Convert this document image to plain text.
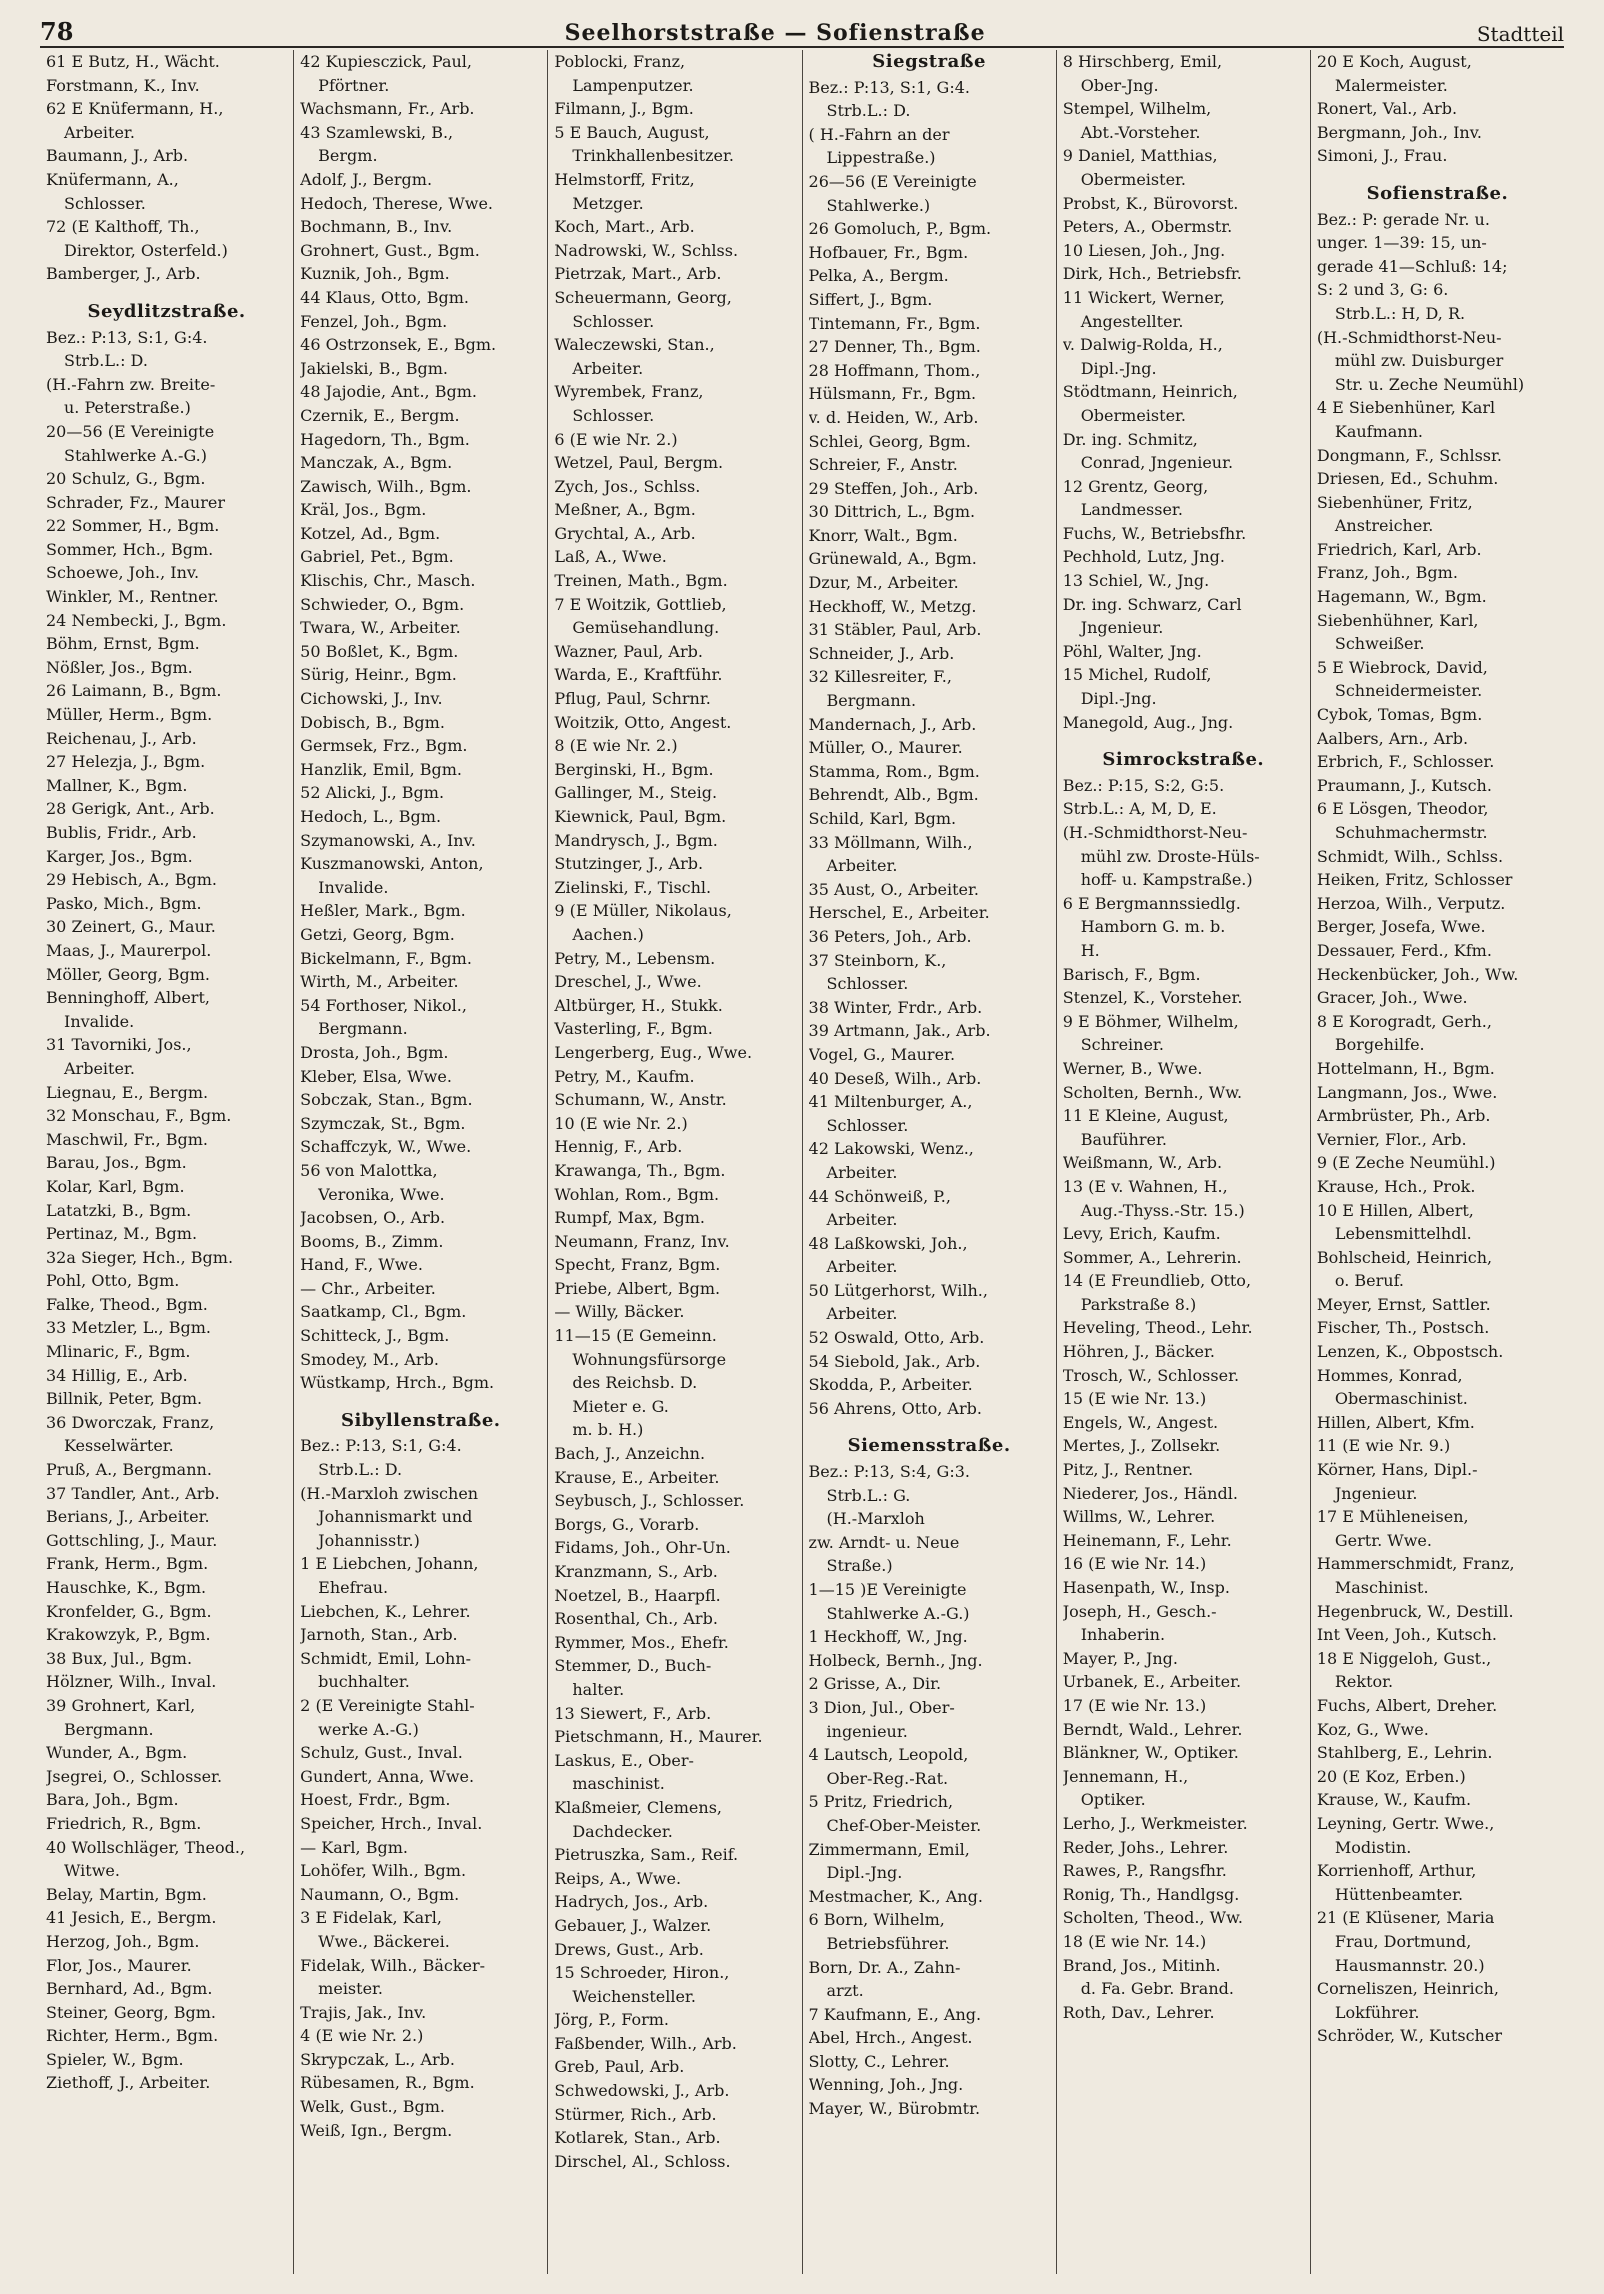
78	Seelhorststraße — Sofienstraße	Stadtteil
61 E Butz, H., Wächt.
Forstmann, K., Inv.
62 E Knüfermann, H.,
Arbeiter.
Baumann, J., Arb.
Knüfermann, A.,
Schlosser.
72 (E Kalthoff, Th.,
Direktor, Osterfeld.)
Bamberger, J., Arb.
Seydlitzstraße.
Bez.: P:13, S:1, G:4.
Strb.L.: D.
(H.-Fahrn zw. Breite-
u. Peterstraße.)
20—56 (E Vereinigte
Stahlwerke A.-G.)
20 Schulz, G., Bgm.
Schrader, Fz., Maurer
22 Sommer, H., Bgm.
Sommer, Hch., Bgm.
Schoewe, Joh., Inv.
Winkler, M., Rentner.
24 Nembecki, J., Bgm.
Böhm, Ernst, Bgm.
Nößler, Jos., Bgm.
26 Laimann, B., Bgm.
Müller, Herm., Bgm.
Reichenau, J., Arb.
27 Helezja, J., Bgm.
Mallner, K., Bgm.
28 Gerigk, Ant., Arb.
Bublis, Fridr., Arb.
Karger, Jos., Bgm.
29 Hebisch, A., Bgm.
Pasko, Mich., Bgm.
30 Zeinert, G., Maur.
Maas, J., Maurerpol.
Möller, Georg, Bgm.
Benninghoff, Albert,
Invalide.
31 Tavorniki, Jos.,
Arbeiter.
Liegnau, E., Bergm.
32 Monschau, F., Bgm.
Maschwil, Fr., Bgm.
Barau, Jos., Bgm.
Kolar, Karl, Bgm.
Latatzki, B., Bgm.
Pertinaz, M., Bgm.
32a Sieger, Hch., Bgm.
Pohl, Otto, Bgm.
Falke, Theod., Bgm.
33 Metzler, L., Bgm.
Mlinaric, F., Bgm.
34 Hillig, E., Arb.
Billnik, Peter, Bgm.
36 Dworczak, Franz,
Kesselwärter.
Pruß, A., Bergmann.
37 Tandler, Ant., Arb.
Berians, J., Arbeiter.
Gottschling, J., Maur.
Frank, Herm., Bgm.
Hauschke, K., Bgm.
Kronfelder, G., Bgm.
Krakowzyk, P., Bgm.
38 Bux, Jul., Bgm.
Hölzner, Wilh., Inval.
39 Grohnert, Karl,
Bergmann.
Wunder, A., Bgm.
Jsegrei, O., Schlosser.
Bara, Joh., Bgm.
Friedrich, R., Bgm.
40 Wollschläger, Theod.,
Witwe.
Belay, Martin, Bgm.
41 Jesich, E., Bergm.
Herzog, Joh., Bgm.
Flor, Jos., Maurer.
Bernhard, Ad., Bgm.
Steiner, Georg, Bgm.
Richter, Herm., Bgm.
Spieler, W., Bgm.
Ziethoff, J., Arbeiter.
42 Kupiesczick, Paul,
Pförtner.
Wachsmann, Fr., Arb.
43 Szamlewski, B.,
Bergm.
Adolf, J., Bergm.
Hedoch, Therese, Wwe.
Bochmann, B., Inv.
Grohnert, Gust., Bgm.
Kuznik, Joh., Bgm.
44 Klaus, Otto, Bgm.
Fenzel, Joh., Bgm.
46 Ostrzonsek, E., Bgm.
Jakielski, B., Bgm.
48 Jajodie, Ant., Bgm.
Czernik, E., Bergm.
Hagedorn, Th., Bgm.
Manczak, A., Bgm.
Zawisch, Wilh., Bgm.
Kräl, Jos., Bgm.
Kotzel, Ad., Bgm.
Gabriel, Pet., Bgm.
Klischis, Chr., Masch.
Schwieder, O., Bgm.
Twara, W., Arbeiter.
50 Boßlet, K., Bgm.
Sürig, Heinr., Bgm.
Cichowski, J., Inv.
Dobisch, B., Bgm.
Germsek, Frz., Bgm.
Hanzlik, Emil, Bgm.
52 Alicki, J., Bgm.
Hedoch, L., Bgm.
Szymanowski, A., Inv.
Kuszmanowski, Anton,
Invalide.
Heßler, Mark., Bgm.
Getzi, Georg, Bgm.
Bickelmann, F., Bgm.
Wirth, M., Arbeiter.
54 Forthoser, Nikol.,
Bergmann.
Drosta, Joh., Bgm.
Kleber, Elsa, Wwe.
Sobczak, Stan., Bgm.
Szymczak, St., Bgm.
Schaffczyk, W., Wwe.
56 von Malottka,
Veronika, Wwe.
Jacobsen, O., Arb.
Booms, B., Zimm.
Hand, F., Wwe.
— Chr., Arbeiter.
Saatkamp, Cl., Bgm.
Schitteck, J., Bgm.
Smodey, M., Arb.
Wüstkamp, Hrch., Bgm.
Sibyllenstraße.
Bez.: P:13, S:1, G:4.
Strb.L.: D.
(H.-Marxloh zwischen
Johannismarkt und
Johannisstr.)
1 E Liebchen, Johann,
Ehefrau.
Liebchen, K., Lehrer.
Jarnoth, Stan., Arb.
Schmidt, Emil, Lohn-
buchhalter.
2 (E Vereinigte Stahl-
werke A.-G.)
Schulz, Gust., Inval.
Gundert, Anna, Wwe.
Hoest, Frdr., Bgm.
Speicher, Hrch., Inval.
— Karl, Bgm.
Lohöfer, Wilh., Bgm.
Naumann, O., Bgm.
3 E Fidelak, Karl,
Wwe., Bäckerei.
Fidelak, Wilh., Bäcker-
meister.
Trajis, Jak., Inv.
4 (E wie Nr. 2.)
Skrypczak, L., Arb.
Rübesamen, R., Bgm.
Welk, Gust., Bgm.
Weiß, Ign., Bergm.
Poblocki, Franz,
Lampenputzer.
Filmann, J., Bgm.
5 E Bauch, August,
Trinkhallenbesitzer.
Helmstorff, Fritz,
Metzger.
Koch, Mart., Arb.
Nadrowski, W., Schlss.
Pietrzak, Mart., Arb.
Scheuermann, Georg,
Schlosser.
Waleczewski, Stan.,
Arbeiter.
Wyrembek, Franz,
Schlosser.
6 (E wie Nr. 2.)
Wetzel, Paul, Bergm.
Zych, Jos., Schlss.
Meßner, A., Bgm.
Grychtal, A., Arb.
Laß, A., Wwe.
Treinen, Math., Bgm.
7 E Woitzik, Gottlieb,
Gemüsehandlung.
Wazner, Paul, Arb.
Warda, E., Kraftführ.
Pflug, Paul, Schrnr.
Woitzik, Otto, Angest.
8 (E wie Nr. 2.)
Berginski, H., Bgm.
Gallinger, M., Steig.
Kiewnick, Paul, Bgm.
Mandrysch, J., Bgm.
Stutzinger, J., Arb.
Zielinski, F., Tischl.
9 (E Müller, Nikolaus,
Aachen.)
Petry, M., Lebensm.
Dreschel, J., Wwe.
Altbürger, H., Stukk.
Vasterling, F., Bgm.
Lengerberg, Eug., Wwe.
Petry, M., Kaufm.
Schumann, W., Anstr.
10 (E wie Nr. 2.)
Hennig, F., Arb.
Krawanga, Th., Bgm.
Wohlan, Rom., Bgm.
Rumpf, Max, Bgm.
Neumann, Franz, Inv.
Specht, Franz, Bgm.
Priebe, Albert, Bgm.
— Willy, Bäcker.
11—15 (E Gemeinn.
Wohnungsfürsorge
des Reichsb. D.
Mieter e. G.
m. b. H.)
Bach, J., Anzeichn.
Krause, E., Arbeiter.
Seybusch, J., Schlosser.
Borgs, G., Vorarb.
Fidams, Joh., Ohr-Un.
Kranzmann, S., Arb.
Noetzel, B., Haarpfl.
Rosenthal, Ch., Arb.
Rymmer, Mos., Ehefr.
Stemmer, D., Buch-
halter.
13 Siewert, F., Arb.
Pietschmann, H., Maurer.
Laskus, E., Ober-
maschinist.
Klaßmeier, Clemens,
Dachdecker.
Pietruszka, Sam., Reif.
Reips, A., Wwe.
Hadrych, Jos., Arb.
Gebauer, J., Walzer.
Drews, Gust., Arb.
15 Schroeder, Hiron.,
Weichensteller.
Jörg, P., Form.
Faßbender, Wilh., Arb.
Greb, Paul, Arb.
Schwedowski, J., Arb.
Stürmer, Rich., Arb.
Kotlarek, Stan., Arb.
Dirschel, Al., Schloss.
Siegstraße
Bez.: P:13, S:1, G:4.
Strb.L.: D.
( H.-Fahrn an der
Lippestraße.)
26—56 (E Vereinigte
Stahlwerke.)
26 Gomoluch, P., Bgm.
Hofbauer, Fr., Bgm.
Pelka, A., Bergm.
Siffert, J., Bgm.
Tintemann, Fr., Bgm.
27 Denner, Th., Bgm.
28 Hoffmann, Thom.,
Hülsmann, Fr., Bgm.
v. d. Heiden, W., Arb.
Schlei, Georg, Bgm.
Schreier, F., Anstr.
29 Steffen, Joh., Arb.
30 Dittrich, L., Bgm.
Knorr, Walt., Bgm.
Grünewald, A., Bgm.
Dzur, M., Arbeiter.
Heckhoff, W., Metzg.
31 Stäbler, Paul, Arb.
Schneider, J., Arb.
32 Killesreiter, F.,
Bergmann.
Mandernach, J., Arb.
Müller, O., Maurer.
Stamma, Rom., Bgm.
Behrendt, Alb., Bgm.
Schild, Karl, Bgm.
33 Möllmann, Wilh.,
Arbeiter.
35 Aust, O., Arbeiter.
Herschel, E., Arbeiter.
36 Peters, Joh., Arb.
37 Steinborn, K.,
Schlosser.
38 Winter, Frdr., Arb.
39 Artmann, Jak., Arb.
Vogel, G., Maurer.
40 Deseß, Wilh., Arb.
41 Miltenburger, A.,
Schlosser.
42 Lakowski, Wenz.,
Arbeiter.
44 Schönweiß, P.,
Arbeiter.
48 Laßkowski, Joh.,
Arbeiter.
50 Lütgerhorst, Wilh.,
Arbeiter.
52 Oswald, Otto, Arb.
54 Siebold, Jak., Arb.
Skodda, P., Arbeiter.
56 Ahrens, Otto, Arb.
Siemensstraße.
Bez.: P:13, S:4, G:3.
Strb.L.: G.
(H.-Marxloh
zw. Arndt- u. Neue
Straße.)
1—15 )E Vereinigte
Stahlwerke A.-G.)
1 Heckhoff, W., Jng.
Holbeck, Bernh., Jng.
2 Grisse, A., Dir.
3 Dion, Jul., Ober-
ingenieur.
4 Lautsch, Leopold,
Ober-Reg.-Rat.
5 Pritz, Friedrich,
Chef-Ober-Meister.
Zimmermann, Emil,
Dipl.-Jng.
Mestmacher, K., Ang.
6 Born, Wilhelm,
Betriebsführer.
Born, Dr. A., Zahn-
arzt.
7 Kaufmann, E., Ang.
Abel, Hrch., Angest.
Slotty, C., Lehrer.
Wenning, Joh., Jng.
Mayer, W., Bürobmtr.
8 Hirschberg, Emil,
Ober-Jng.
Stempel, Wilhelm,
Abt.-Vorsteher.
9 Daniel, Matthias,
Obermeister.
Probst, K., Bürovorst.
Peters, A., Obermstr.
10 Liesen, Joh., Jng.
Dirk, Hch., Betriebsfr.
11 Wickert, Werner,
Angestellter.
v. Dalwig-Rolda, H.,
Dipl.-Jng.
Stödtmann, Heinrich,
Obermeister.
Dr. ing. Schmitz,
Conrad, Jngenieur.
12 Grentz, Georg,
Landmesser.
Fuchs, W., Betriebsfhr.
Pechhold, Lutz, Jng.
13 Schiel, W., Jng.
Dr. ing. Schwarz, Carl
Jngenieur.
Pöhl, Walter, Jng.
15 Michel, Rudolf,
Dipl.-Jng.
Manegold, Aug., Jng.
Simrockstraße.
Bez.: P:15, S:2, G:5.
Strb.L.: A, M, D, E.
(H.-Schmidthorst-Neu-
mühl zw. Droste-Hüls-
hoff- u. Kampstraße.)
6 E Bergmannssiedlg.
Hamborn G. m. b.
H.
Barisch, F., Bgm.
Stenzel, K., Vorsteher.
9 E Böhmer, Wilhelm,
Schreiner.
Werner, B., Wwe.
Scholten, Bernh., Ww.
11 E Kleine, August,
Bauführer.
Weißmann, W., Arb.
13 (E v. Wahnen, H.,
Aug.-Thyss.-Str. 15.)
Levy, Erich, Kaufm.
Sommer, A., Lehrerin.
14 (E Freundlieb, Otto,
Parkstraße 8.)
Heveling, Theod., Lehr.
Höhren, J., Bäcker.
Trosch, W., Schlosser.
15 (E wie Nr. 13.)
Engels, W., Angest.
Mertes, J., Zollsekr.
Pitz, J., Rentner.
Niederer, Jos., Händl.
Willms, W., Lehrer.
Heinemann, F., Lehr.
16 (E wie Nr. 14.)
Hasenpath, W., Insp.
Joseph, H., Gesch.-
Inhaberin.
Mayer, P., Jng.
Urbanek, E., Arbeiter.
17 (E wie Nr. 13.)
Berndt, Wald., Lehrer.
Blänkner, W., Optiker.
Jennemann, H.,
Optiker.
Lerho, J., Werkmeister.
Reder, Johs., Lehrer.
Rawes, P., Rangsfhr.
Ronig, Th., Handlgsg.
Scholten, Theod., Ww.
18 (E wie Nr. 14.)
Brand, Jos., Mitinh.
d. Fa. Gebr. Brand.
Roth, Dav., Lehrer.
20 E Koch, August,
Malermeister.
Ronert, Val., Arb.
Bergmann, Joh., Inv.
Simoni, J., Frau.
Sofienstraße.
Bez.: P: gerade Nr. u.
unger. 1—39: 15, un-
gerade 41—Schluß: 14;
S: 2 und 3, G: 6.
Strb.L.: H, D, R.
(H.-Schmidthorst-Neu-
mühl zw. Duisburger
Str. u. Zeche Neumühl)
4 E Siebenhüner, Karl
Kaufmann.
Dongmann, F., Schlssr.
Driesen, Ed., Schuhm.
Siebenhüner, Fritz,
Anstreicher.
Friedrich, Karl, Arb.
Franz, Joh., Bgm.
Hagemann, W., Bgm.
Siebenhühner, Karl,
Schweißer.
5 E Wiebrock, David,
Schneidermeister.
Cybok, Tomas, Bgm.
Aalbers, Arn., Arb.
Erbrich, F., Schlosser.
Praumann, J., Kutsch.
6 E Lösgen, Theodor,
Schuhmachermstr.
Schmidt, Wilh., Schlss.
Heiken, Fritz, Schlosser
Herzoa, Wilh., Verputz.
Berger, Josefa, Wwe.
Dessauer, Ferd., Kfm.
Heckenbücker, Joh., Ww.
Gracer, Joh., Wwe.
8 E Korogradt, Gerh.,
Borgehilfe.
Hottelmann, H., Bgm.
Langmann, Jos., Wwe.
Armbrüster, Ph., Arb.
Vernier, Flor., Arb.
9 (E Zeche Neumühl.)
Krause, Hch., Prok.
10 E Hillen, Albert,
Lebensmittelhdl.
Bohlscheid, Heinrich,
o. Beruf.
Meyer, Ernst, Sattler.
Fischer, Th., Postsch.
Lenzen, K., Obpostsch.
Hommes, Konrad,
Obermaschinist.
Hillen, Albert, Kfm.
11 (E wie Nr. 9.)
Körner, Hans, Dipl.-
Jngenieur.
17 E Mühleneisen,
Gertr. Wwe.
Hammerschmidt, Franz,
Maschinist.
Hegenbruck, W., Destill.
Int Veen, Joh., Kutsch.
18 E Niggeloh, Gust.,
Rektor.
Fuchs, Albert, Dreher.
Koz, G., Wwe.
Stahlberg, E., Lehrin.
20 (E Koz, Erben.)
Krause, W., Kaufm.
Leyning, Gertr. Wwe.,
Modistin.
Korrienhoff, Arthur,
Hüttenbeamter.
21 (E Klüsener, Maria
Frau, Dortmund,
Hausmannstr. 20.)
Corneliszen, Heinrich,
Lokführer.
Schröder, W., Kutscher
